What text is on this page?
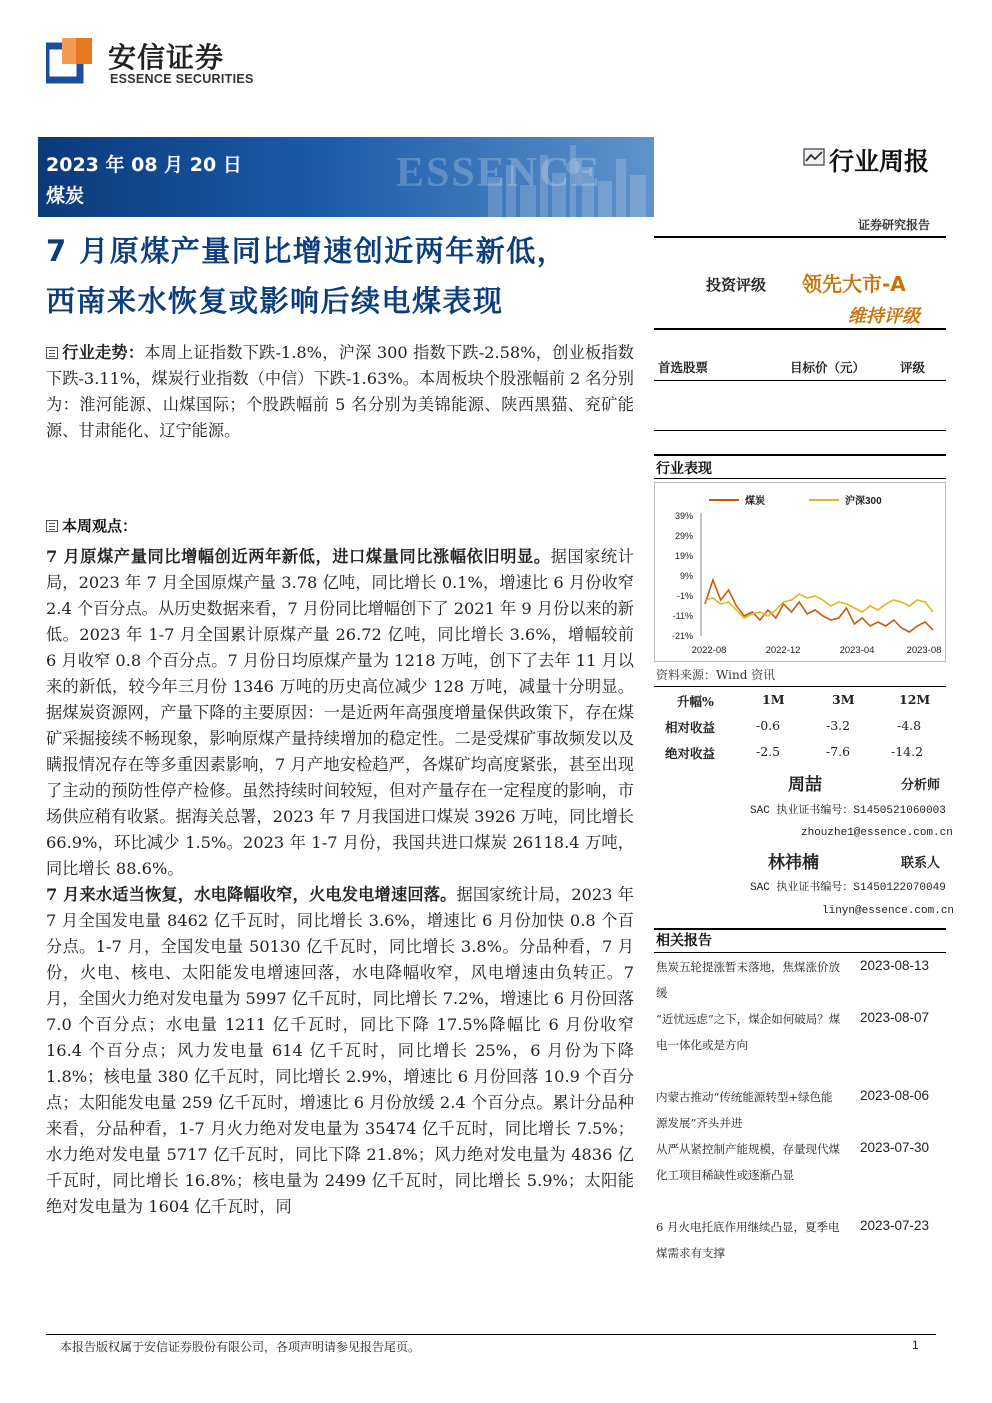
安信证券
ESSENCE SECURITIES
ESSENCE
2023 年 08 月 20 日
煤炭
行业周报
证券研究报告
7 月原煤产量同比增速创近两年新低，
西南来水恢复或影响后续电煤表现	投资评级 领先大市-A
维持评级
首选股票	目标价（元）	评级
行业走势：本周上证指数下跌-1.8%，沪深 300 指数下跌-2.58%，创业板指数下跌-3.11%，煤炭行业指数（中信）下跌-1.63%。本周板块个股涨幅前 2 名分别为：淮河能源、山煤国际；个股跌幅前 5 名分别为美锦能源、陕西黑猫、兖矿能源、甘肃能化、辽宁能源。
本周观点：
7 月原煤产量同比增幅创近两年新低，进口煤量同比涨幅依旧明显。据国家统计局，2023 年 7 月全国原煤产量 3.78 亿吨，同比增长 0.1%，增速比 6 月份收窄 2.4 个百分点。从历史数据来看，7 月份同比增幅创下了 2021 年 9 月份以来的新低。2023 年 1-7 月全国累计原煤产量 26.72 亿吨，同比增长 3.6%，增幅较前 6 月收窄 0.8 个百分点。7 月份日均原煤产量为 1218 万吨，创下了去年 11 月以来的新低，较今年三月份 1346 万吨的历史高位减少 128 万吨，减量十分明显。据煤炭资源网，产量下降的主要原因：一是近两年高强度增量保供政策下，存在煤矿采掘接续不畅现象，影响原煤产量持续增加的稳定性。二是受煤矿事故频发以及瞒报情况存在等多重因素影响，7 月产地安检趋严，各煤矿均高度紧张，甚至出现了主动的预防性停产检修。虽然持续时间较短，但对产量存在一定程度的影响，市场供应稍有收紧。据海关总署，2023 年 7 月我国进口煤炭 3926 万吨，同比增长 66.9%，环比减少 1.5%。2023 年 1-7 月份，我国共进口煤炭 26118.4 万吨，同比增长 88.6%。
7 月来水适当恢复，水电降幅收窄，火电发电增速回落。据国家统计局，2023 年 7 月全国发电量 8462 亿千瓦时，同比增长 3.6%，增速比 6 月份加快 0.8 个百分点。1-7 月，全国发电量 50130 亿千瓦时，同比增长 3.8%。分品种看，7 月份，火电、核电、太阳能发电增速回落，水电降幅收窄，风电增速由负转正。7 月，全国火力绝对发电量为 5997 亿千瓦时，同比增长 7.2%，增速比 6 月份回落 7.0 个百分点；水电量 1211 亿千瓦时，同比下降 17.5%降幅比 6 月份收窄 16.4 个百分点；风力发电量 614 亿千瓦时，同比增长 25%，6 月份为下降 1.8%；核电量 380 亿千瓦时，同比增长 2.9%，增速比 6 月份回落 10.9 个百分点；太阳能发电量 259 亿千瓦时，增速比 6 月份放缓 2.4 个百分点。累计分品种来看，分品种看，1-7 月火力绝对发电量为 35474 亿千瓦时，同比增长 7.5%；水力绝对发电量 5717 亿千瓦时，同比下降 21.8%；风力绝对发电量为 4836 亿千瓦时，同比增长 16.8%；核电量为 2499 亿千瓦时，同比增长 5.9%；太阳能绝对发电量为 1604 亿千瓦时，同
行业表现
39%
29%
19%
9%
-1%
-11%
-21%
2022-08	2022-12	2023-04	2023-08
煤炭	沪深300
资料来源：Wind 资讯
升幅%	1M	3M	12M
相对收益	-0.6	-3.2	-4.8
绝对收益	-2.5	-7.6	-14.2
周喆	分析师
SAC 执业证书编号：S1450521060003
zhouzhe1@essence.com.cn
林祎楠	联系人
SAC 执业证书编号：S1450122070049
linyn@essence.com.cn
相关报告
焦炭五轮提涨暂未落地，焦煤涨价放缓
2023-08-13
“近忧远虑”之下，煤企如何破局？煤电一体化或是方向
2023-08-07
内蒙古推动“传统能源转型+绿色能源发展”齐头并进
2023-08-06
从严从紧控制产能规模，存量现代煤化工项目稀缺性或逐渐凸显
2023-07-30
6 月火电托底作用继续凸显，夏季电煤需求有支撑
2023-07-23
本报告版权属于安信证券股份有限公司，各项声明请参见报告尾页。	1
